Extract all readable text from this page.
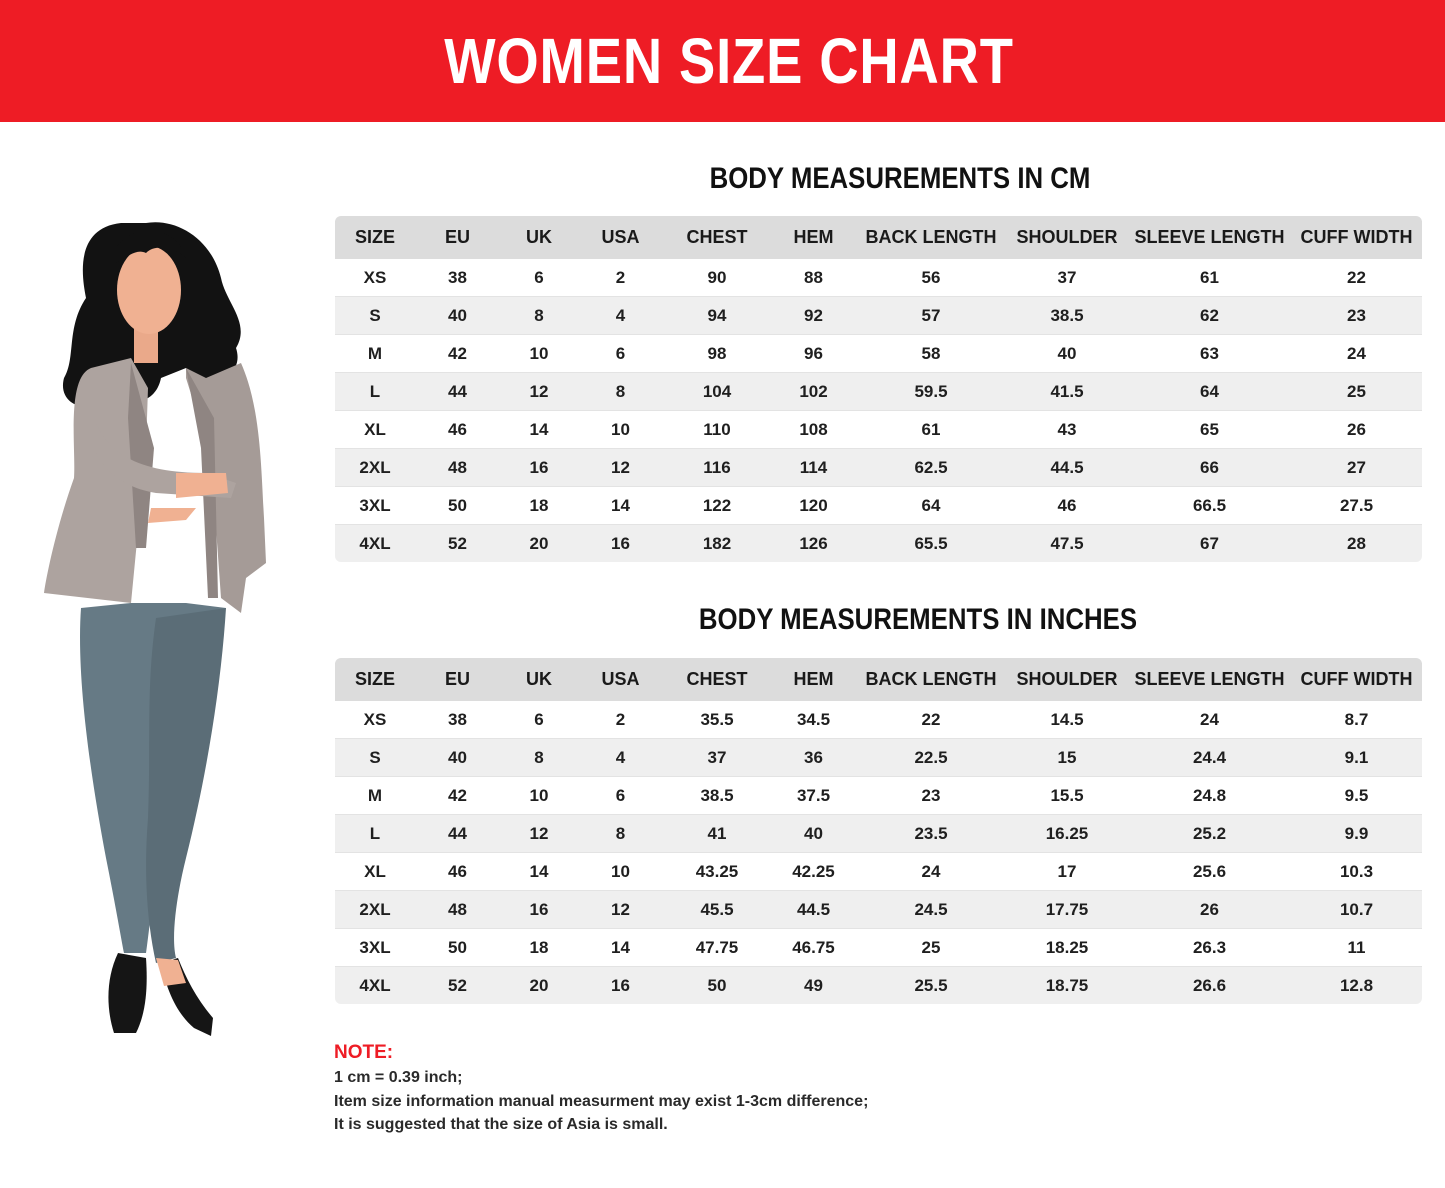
WOMEN SIZE CHART
BODY MEASUREMENTS IN CM
SIZE	EU	UK	USA	CHEST	HEM	BACK LENGTH	SHOULDER	SLEEVE LENGTH	CUFF WIDTH
XS	38	6	2	90	88	56	37	61	22
S	40	8	4	94	92	57	38.5	62	23
M	42	10	6	98	96	58	40	63	24
L	44	12	8	104	102	59.5	41.5	64	25
XL	46	14	10	110	108	61	43	65	26
2XL	48	16	12	116	114	62.5	44.5	66	27
3XL	50	18	14	122	120	64	46	66.5	27.5
4XL	52	20	16	182	126	65.5	47.5	67	28
BODY MEASUREMENTS IN INCHES
SIZE	EU	UK	USA	CHEST	HEM	BACK LENGTH	SHOULDER	SLEEVE LENGTH	CUFF WIDTH
XS	38	6	2	35.5	34.5	22	14.5	24	8.7
S	40	8	4	37	36	22.5	15	24.4	9.1
M	42	10	6	38.5	37.5	23	15.5	24.8	9.5
L	44	12	8	41	40	23.5	16.25	25.2	9.9
XL	46	14	10	43.25	42.25	24	17	25.6	10.3
2XL	48	16	12	45.5	44.5	24.5	17.75	26	10.7
3XL	50	18	14	47.75	46.75	25	18.25	26.3	11
4XL	52	20	16	50	49	25.5	18.75	26.6	12.8

NOTE:

1 cm = 0.39 inch;

Item size information manual measurment may exist 1-3cm difference;

It is suggested that the size of Asia is small.
